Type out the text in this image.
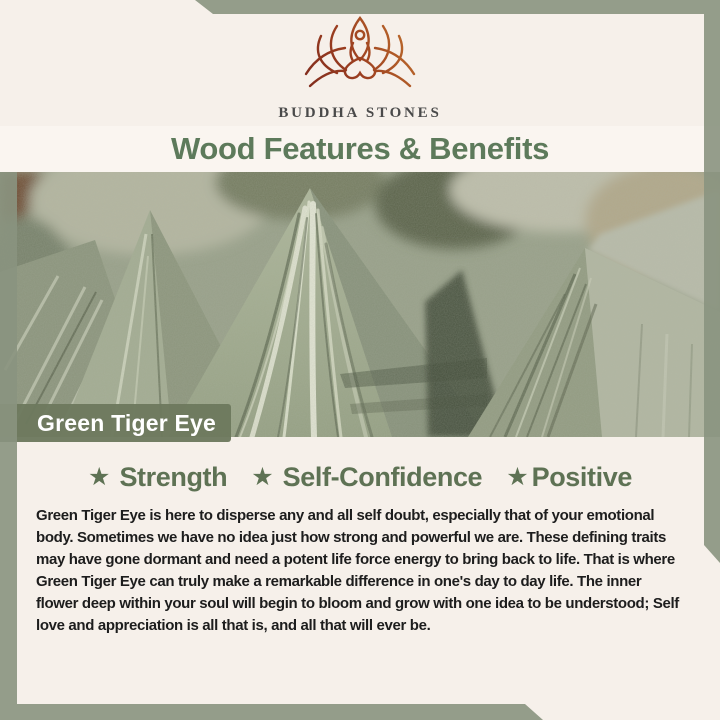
BUDDHA STONES
Wood Features & Benefits
Green Tiger Eye
★ Strength ★ Self-Confidence ★ Positive

Green Tiger Eye is here to disperse any and all self doubt, especially that of your emotional body. Sometimes we have no idea just how strong and powerful we are. These defining traits may have gone dormant and need a potent life force energy to bring back to life. That is where Green Tiger Eye can truly make a remarkable difference in one's day to day life. The inner flower deep within your soul will begin to bloom and grow with one idea to be understood; Self love and appreciation is all that is, and all that will ever be.
